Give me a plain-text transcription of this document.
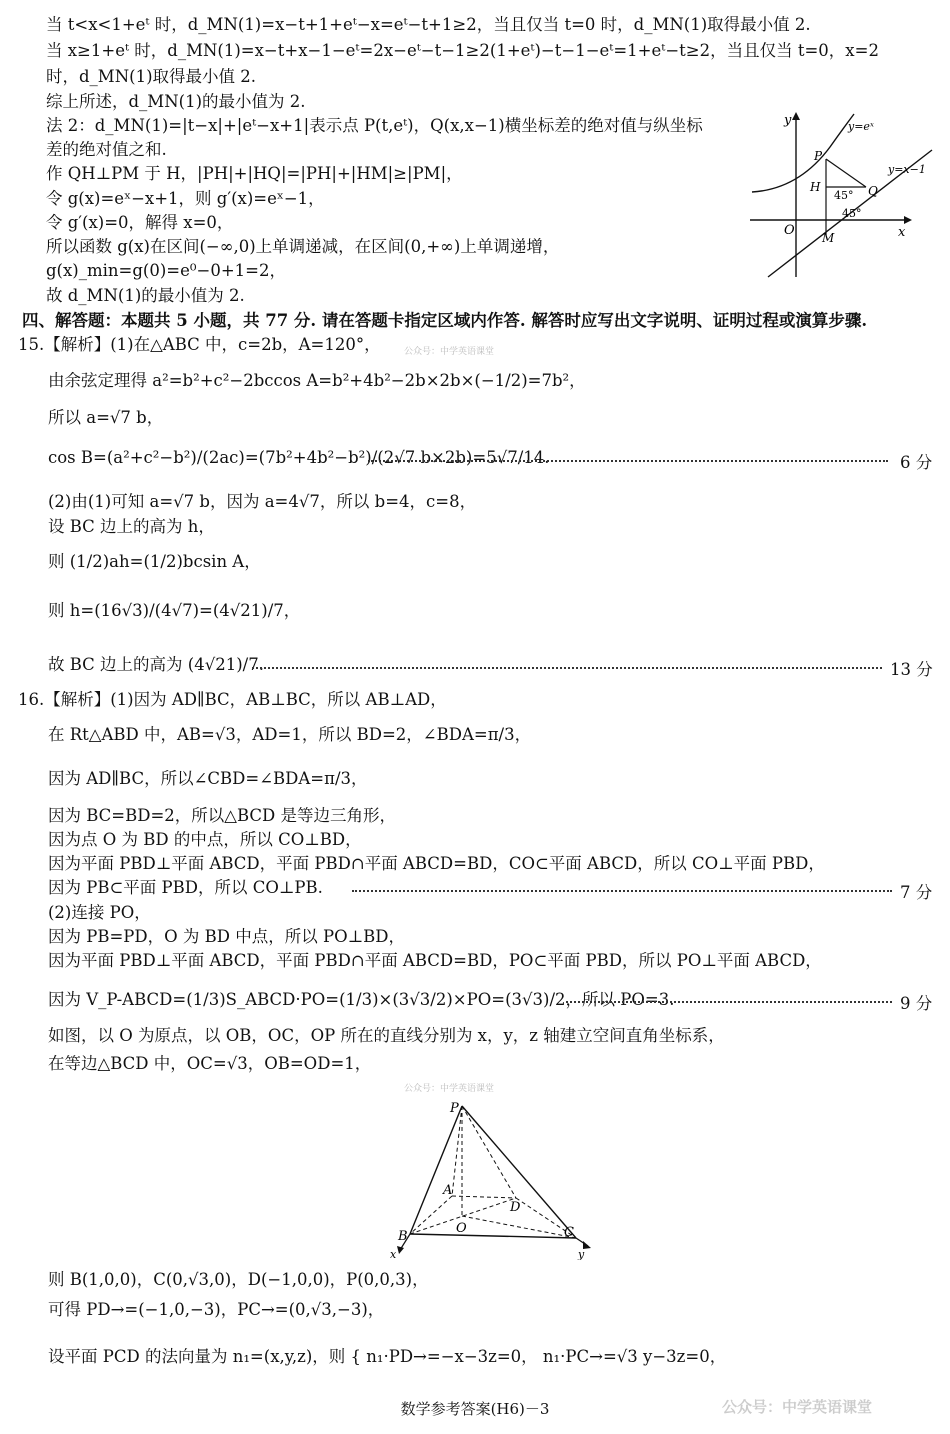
当 t<x<1+eᵗ 时，d_MN(1)=x−t+1+eᵗ−x=eᵗ−t+1≥2，当且仅当 t=0 时，d_MN(1)取得最小值 2.
当 x≥1+eᵗ 时，d_MN(1)=x−t+x−1−eᵗ=2x−eᵗ−t−1≥2(1+eᵗ)−t−1−eᵗ=1+eᵗ−t≥2，当且仅当 t=0，x=2
时，d_MN(1)取得最小值 2.
综上所述，d_MN(1)的最小值为 2.
法 2：d_MN(1)=|t−x|+|eᵗ−x+1|表示点 P(t,eᵗ)，Q(x,x−1)横坐标差的绝对值与纵坐标
差的绝对值之和.
作 QH⊥PM 于 H，|PH|+|HQ|=|PH|+|HM|≥|PM|，
令 g(x)=eˣ−x+1，则 g′(x)=eˣ−1，
令 g′(x)=0，解得 x=0，
所以函数 g(x)在区间(−∞,0)上单调递减，在区间(0,+∞)上单调递增，
g(x)_min=g(0)=e⁰−0+1=2，
故 d_MN(1)的最小值为 2.
y
x
O
y=eˣ
y=x−1
P
H	Q
M
45°
45°
四、解答题：本题共 5 小题，共 77 分. 请在答题卡指定区域内作答. 解答时应写出文字说明、证明过程或演算步骤.
15.【解析】(1)在△ABC 中，c=2b，A=120°，	公众号：中学英语课堂
由余弦定理得 a²=b²+c²−2bccos A=b²+4b²−2b×2b×(−1/2)=7b²，
所以 a=√7 b，
cos B=(a²+c²−b²)/(2ac)=(7b²+4b²−b²)/(2√7 b×2b)=5√7/14.	6 分
(2)由(1)可知 a=√7 b，因为 a=4√7，所以 b=4，c=8，
设 BC 边上的高为 h，
则 (1/2)ah=(1/2)bcsin A，
则 h=(16√3)/(4√7)=(4√21)/7，
故 BC 边上的高为 (4√21)/7.	13 分
16.【解析】(1)因为 AD∥BC，AB⊥BC，所以 AB⊥AD，
在 Rt△ABD 中，AB=√3，AD=1，所以 BD=2，∠BDA=π/3，
因为 AD∥BC，所以∠CBD=∠BDA=π/3，
因为 BC=BD=2，所以△BCD 是等边三角形，
因为点 O 为 BD 的中点，所以 CO⊥BD，
因为平面 PBD⊥平面 ABCD，平面 PBD∩平面 ABCD=BD，CO⊂平面 ABCD，所以 CO⊥平面 PBD，
因为 PB⊂平面 PBD，所以 CO⊥PB.	7 分
(2)连接 PO，
因为 PB=PD，O 为 BD 中点，所以 PO⊥BD，
因为平面 PBD⊥平面 ABCD，平面 PBD∩平面 ABCD=BD，PO⊂平面 PBD，所以 PO⊥平面 ABCD，
因为 V_P-ABCD=(1/3)S_ABCD·PO=(1/3)×(3√3/2)×PO=(3√3)/2，所以 PO=3.	9 分
如图，以 O 为原点，以 OB，OC，OP 所在的直线分别为 x，y，z 轴建立空间直角坐标系，
在等边△BCD 中，OC=√3，OB=OD=1，
公众号：中学英语课堂
P
A
D
O
B	C
x	y
则 B(1,0,0)，C(0,√3,0)，D(−1,0,0)，P(0,0,3)，
可得 PD→=(−1,0,−3)，PC→=(0,√3,−3)，
设平面 PCD 的法向量为 n₁=(x,y,z)，则 { n₁·PD→=−x−3z=0， n₁·PC→=√3 y−3z=0，
数学参考答案(H6)－3	公众号：中学英语课堂
